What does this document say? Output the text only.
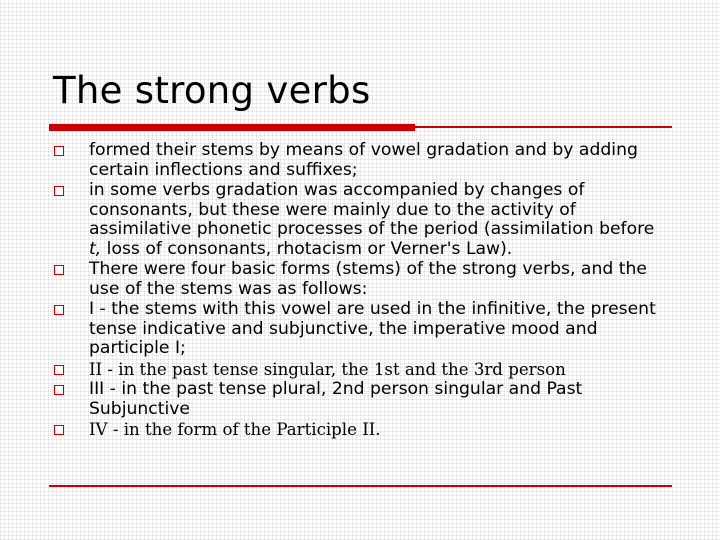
The strong verbs
formed their stems by means of vowel gradation and by adding certain inflections and suffixes;
in some verbs gradation was accompanied by changes of consonants, but these were mainly due to the activity of assimilative phonetic processes of the period (assimilation before t, loss of consonants, rhotacism or Verner's Law).
There were four basic forms (stems) of the strong verbs, and the use of the stems was as follows:
I - the stems with this vowel are used in the infinitive, the present tense indicative and subjunctive, the imperative mood and participle I;
II - in the past tense singular, the 1st and the 3rd person
III - in the past tense plural, 2nd person singular and Past Subjunctive
IV - in the form of the Participle II.
